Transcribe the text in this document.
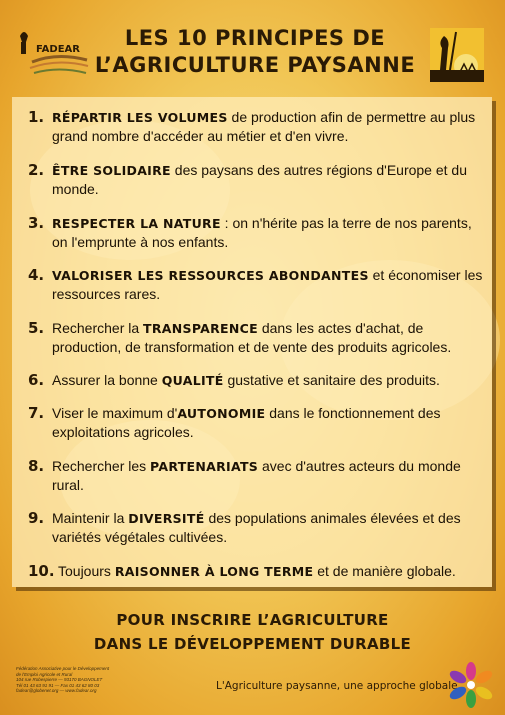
FADEAR	LES 10 PRINCIPES DE
L’AGRICULTURE PAYSANNE
1. RÉPARTIR LES VOLUMES de production afin de permettre au plus grand nombre d'accéder au métier et d'en vivre.
2. ÊTRE SOLIDAIRE des paysans des autres régions d'Europe et du monde.
3. RESPECTER LA NATURE : on n'hérite pas la terre de nos parents, on l'emprunte à nos enfants.
4. VALORISER LES RESSOURCES ABONDANTES et économiser les ressources rares.
5. Rechercher la TRANSPARENCE dans les actes d'achat, de production, de transformation et de vente des produits agricoles.
6. Assurer la bonne QUALITÉ gustative et sanitaire des produits.
7. Viser le maximum d'AUTONOMIE dans le fonctionnement des exploitations agricoles.
8. Rechercher les PARTENARIATS avec d'autres acteurs du monde rural.
9. Maintenir la DIVERSITÉ des populations animales élevées et des variétés végétales cultivées.
10. Toujours RAISONNER À LONG TERME et de manière globale.
POUR INSCRIRE L’AGRICULTURE
DANS LE DÉVELOPPEMENT DURABLE
Fédération Associative pour le Développement
de l'Emploi Agricole et Rural
104 rue Robespierre — 93170 BAGNOLET
Tél 01 43 63 91 91 — Fax 01 43 62 80 03
fadear@globenet.org — www.fadear.org	L'Agriculture paysanne, une approche globale
